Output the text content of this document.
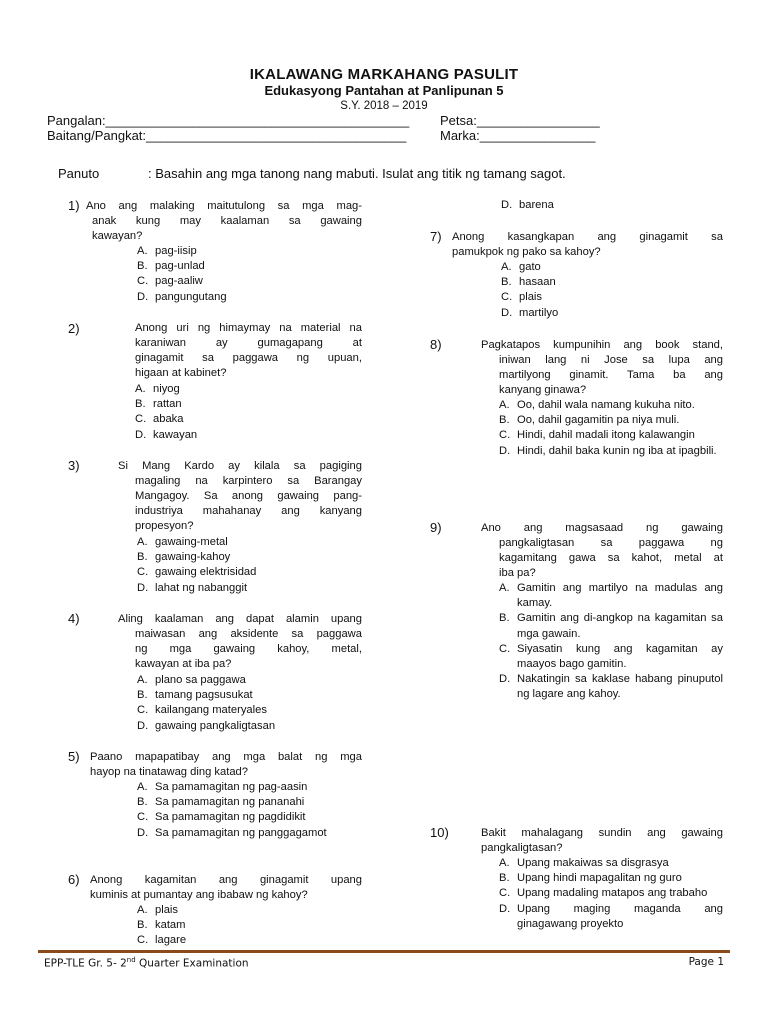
IKALAWANG MARKAHANG PASULIT
Edukasyong Pantahan at Panlipunan 5
S.Y. 2018 – 2019
Pangalan:__________________________________________ Petsa:_________________
Baitang/Pangkat:____________________________________	Marka:________________
Panuto	: Basahin ang mga tanong nang mabuti. Isulat ang titik ng tamang sagot.
1) Ano ang malaking maitutulong sa mga mag-
anak kung may kaalaman sa gawaing
kawayan?
A. pag-iisip
B. pag-unlad
C. pag-aaliw
D. pangungutang
2)	Anong uri ng himaymay na material na
karaniwan ay gumagapang at
ginagamit sa paggawa ng upuan,
higaan at kabinet?
A. niyog
B. rattan
C. abaka
D. kawayan
3)	Si Mang Kardo ay kilala sa pagiging
magaling na karpintero sa Barangay
Mangagoy. Sa anong gawaing pang-
industriya mahahanay ang kanyang
propesyon?
A. gawaing-metal
B. gawaing-kahoy
C. gawaing elektrisidad
D. lahat ng nabanggit
4)	Aling kaalaman ang dapat alamin upang
maiwasan ang aksidente sa paggawa
ng mga gawaing kahoy, metal,
kawayan at iba pa?
A. plano sa paggawa
B. tamang pagsusukat
C. kailangang materyales
D. gawaing pangkaligtasan
5) Paano mapapatibay ang mga balat ng mga
hayop na tinatawag ding katad?
A. Sa pamamagitan ng pag-aasin
B. Sa pamamagitan ng pananahi
C. Sa pamamagitan ng pagdidikit
D. Sa pamamagitan ng panggagamot
6) Anong kagamitan ang ginagamit upang
kuminis at pumantay ang ibabaw ng kahoy?
A. plais
B. katam
C. lagare
D. barena
7) Anong kasangkapan ang ginagamit sa
pamukpok ng pako sa kahoy?
A. gato
B. hasaan
C. plais
D. martilyo
8)	Pagkatapos kumpunihin ang book stand,
iniwan lang ni Jose sa lupa ang
martilyong ginamit. Tama ba ang
kanyang ginawa?
A. Oo, dahil wala namang kukuha nito.
B. Oo, dahil gagamitin pa niya muli.
C. Hindi, dahil madali itong kalawangin
D. Hindi, dahil baka kunin ng iba at ipagbili.
9)	Ano ang magsasaad ng gawaing
pangkaligtasan sa paggawa ng
kagamitang gawa sa kahot, metal at
iba pa?
A. Gamitin ang martilyo na madulas ang kamay.
B. Gamitin ang di-angkop na kagamitan sa mga gawain.
C. Siyasatin kung ang kagamitan ay maayos bago gamitin.
D. Nakatingin sa kaklase habang pinuputol ng lagare ang kahoy.
10)	Bakit mahalagang sundin ang gawaing
pangkaligtasan?
A. Upang makaiwas sa disgrasya
B. Upang hindi mapagalitan ng guro
C. Upang madaling matapos ang trabaho
D. Upang maging maganda ang ginagawang proyekto
EPP-TLE Gr. 5- 2nd Quarter Examination	Page 1
